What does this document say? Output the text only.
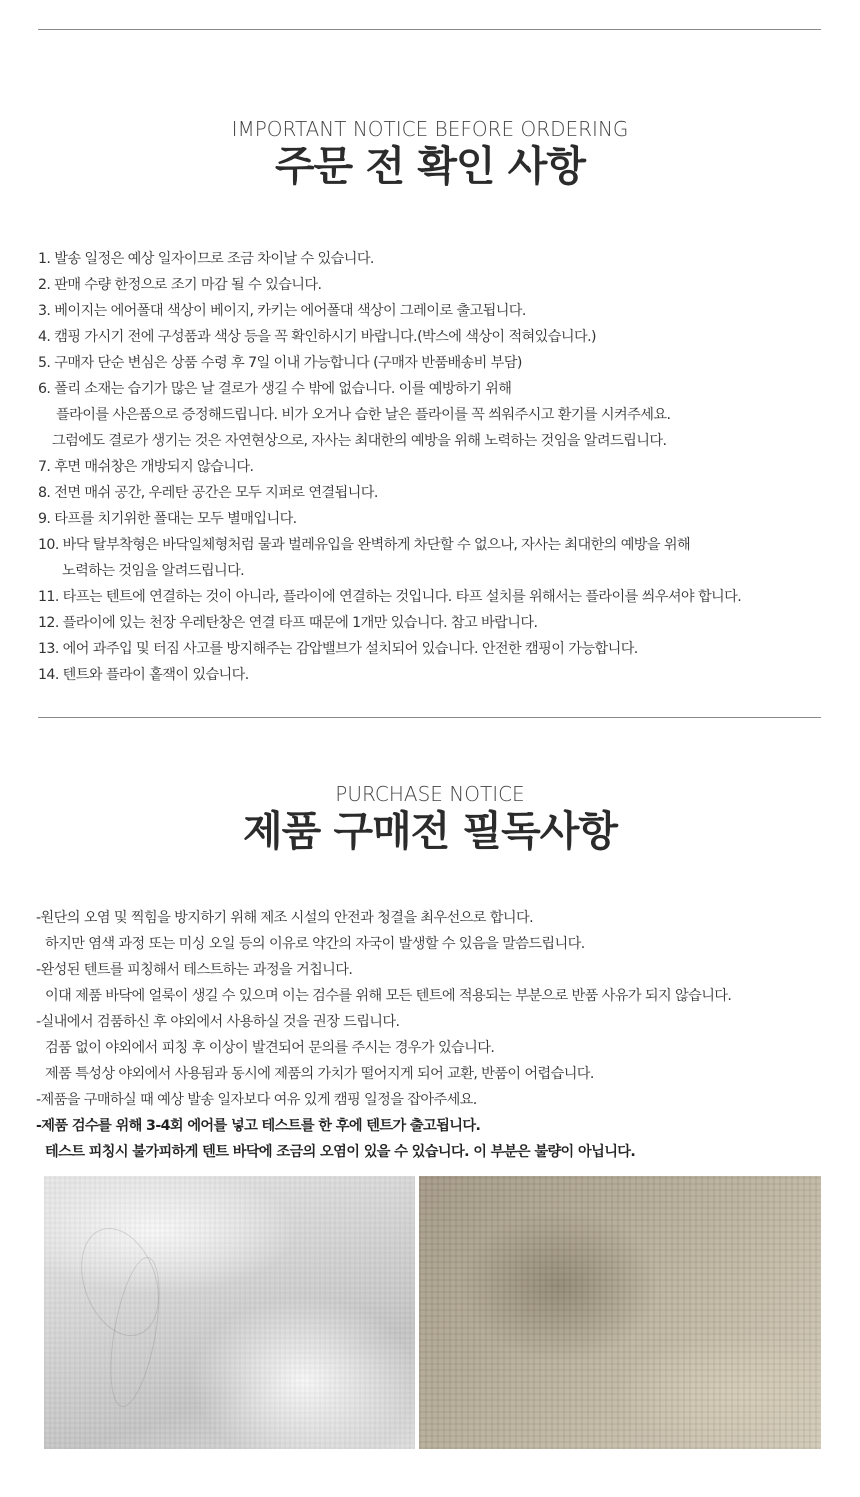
IMPORTANT NOTICE BEFORE ORDERING
주문 전 확인 사항
1. 발송 일정은 예상 일자이므로 조금 차이날 수 있습니다.
2. 판매 수량 한정으로 조기 마감 될 수 있습니다.
3. 베이지는 에어폴대 색상이 베이지, 카키는 에어폴대 색상이 그레이로 출고됩니다.
4. 캠핑 가시기 전에 구성품과 색상 등을 꼭 확인하시기 바랍니다.(박스에 색상이 적혀있습니다.)
5. 구매자 단순 변심은 상품 수령 후 7일 이내 가능합니다 (구매자 반품배송비 부담)
6. 폴리 소재는 습기가 많은 날 결로가 생길 수 밖에 없습니다. 이를 예방하기 위해
플라이를 사은품으로 증정해드립니다. 비가 오거나 습한 날은 플라이를 꼭 씌워주시고 환기를 시켜주세요.
그럼에도 결로가 생기는 것은 자연현상으로, 자사는 최대한의 예방을 위해 노력하는 것임을 알려드립니다.
7. 후면 매쉬창은 개방되지 않습니다.
8. 전면 매쉬 공간, 우레탄 공간은 모두 지퍼로 연결됩니다.
9. 타프를 치기위한 폴대는 모두 별매입니다.
10. 바닥 탈부착형은 바닥일체형처럼 물과 벌레유입을 완벽하게 차단할 수 없으나, 자사는 최대한의 예방을 위해
노력하는 것임을 알려드립니다.
11. 타프는 텐트에 연결하는 것이 아니라, 플라이에 연결하는 것입니다. 타프 설치를 위해서는 플라이를 씌우셔야 합니다.
12. 플라이에 있는 천장 우레탄창은 연결 타프 때문에 1개만 있습니다. 참고 바랍니다.
13. 에어 과주입 및 터짐 사고를 방지해주는 감압밸브가 설치되어 있습니다. 안전한 캠핑이 가능합니다.
14. 텐트와 플라이 홑잭이 있습니다.
PURCHASE NOTICE
제품 구매전 필독사항
-원단의 오염 및 찍힘을 방지하기 위해 제조 시설의 안전과 청결을 최우선으로 합니다.
하지만 염색 과정 또는 미싱 오일 등의 이유로 약간의 자국이 발생할 수 있음을 말씀드립니다.
-완성된 텐트를 피칭해서 테스트하는 과정을 거칩니다.
이대 제품 바닥에 얼룩이 생길 수 있으며 이는 검수를 위해 모든 텐트에 적용되는 부분으로 반품 사유가 되지 않습니다.
-실내에서 검품하신 후 야외에서 사용하실 것을 권장 드립니다.
검품 없이 야외에서 피칭 후 이상이 발견되어 문의를 주시는 경우가 있습니다.
제품 특성상 야외에서 사용됨과 동시에 제품의 가치가 떨어지게 되어 교환, 반품이 어렵습니다.
-제품을 구매하실 때 예상 발송 일자보다 여유 있게 캠핑 일정을 잡아주세요.
-제품 검수를 위해 3-4회 에어를 넣고 테스트를 한 후에 텐트가 출고됩니다.
테스트 피칭시 불가피하게 텐트 바닥에 조금의 오염이 있을 수 있습니다. 이 부분은 불량이 아닙니다.
